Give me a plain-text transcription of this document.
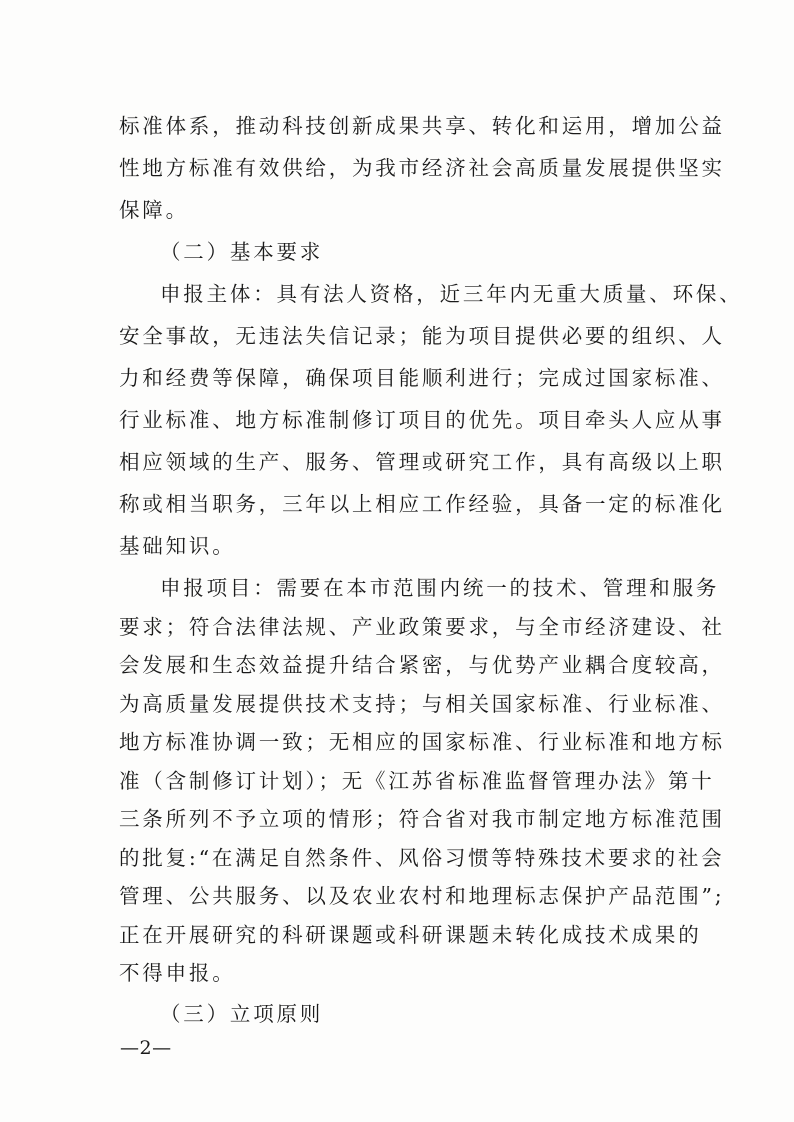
标准体系，推动科技创新成果共享、转化和运用，增加公益
性地方标准有效供给，为我市经济社会高质量发展提供坚实
保障。
（二）基本要求
申报主体：具有法人资格，近三年内无重大质量、环保、
安全事故，无违法失信记录；能为项目提供必要的组织、人
力和经费等保障，确保项目能顺利进行；完成过国家标准、
行业标准、地方标准制修订项目的优先。项目牵头人应从事
相应领域的生产、服务、管理或研究工作，具有高级以上职
称或相当职务，三年以上相应工作经验，具备一定的标准化
基础知识。
申报项目：需要在本市范围内统一的技术、管理和服务
要求；符合法律法规、产业政策要求，与全市经济建设、社
会发展和生态效益提升结合紧密，与优势产业耦合度较高，
为高质量发展提供技术支持；与相关国家标准、行业标准、
地方标准协调一致；无相应的国家标准、行业标准和地方标
准（含制修订计划）；无《江苏省标准监督管理办法》第十
三条所列不予立项的情形；符合省对我市制定地方标准范围
的批复:“在满足自然条件、风俗习惯等特殊技术要求的社会
管理、公共服务、以及农业农村和地理标志保护产品范围”;
正在开展研究的科研课题或科研课题未转化成技术成果的
不得申报。
（三）立项原则
—2—
